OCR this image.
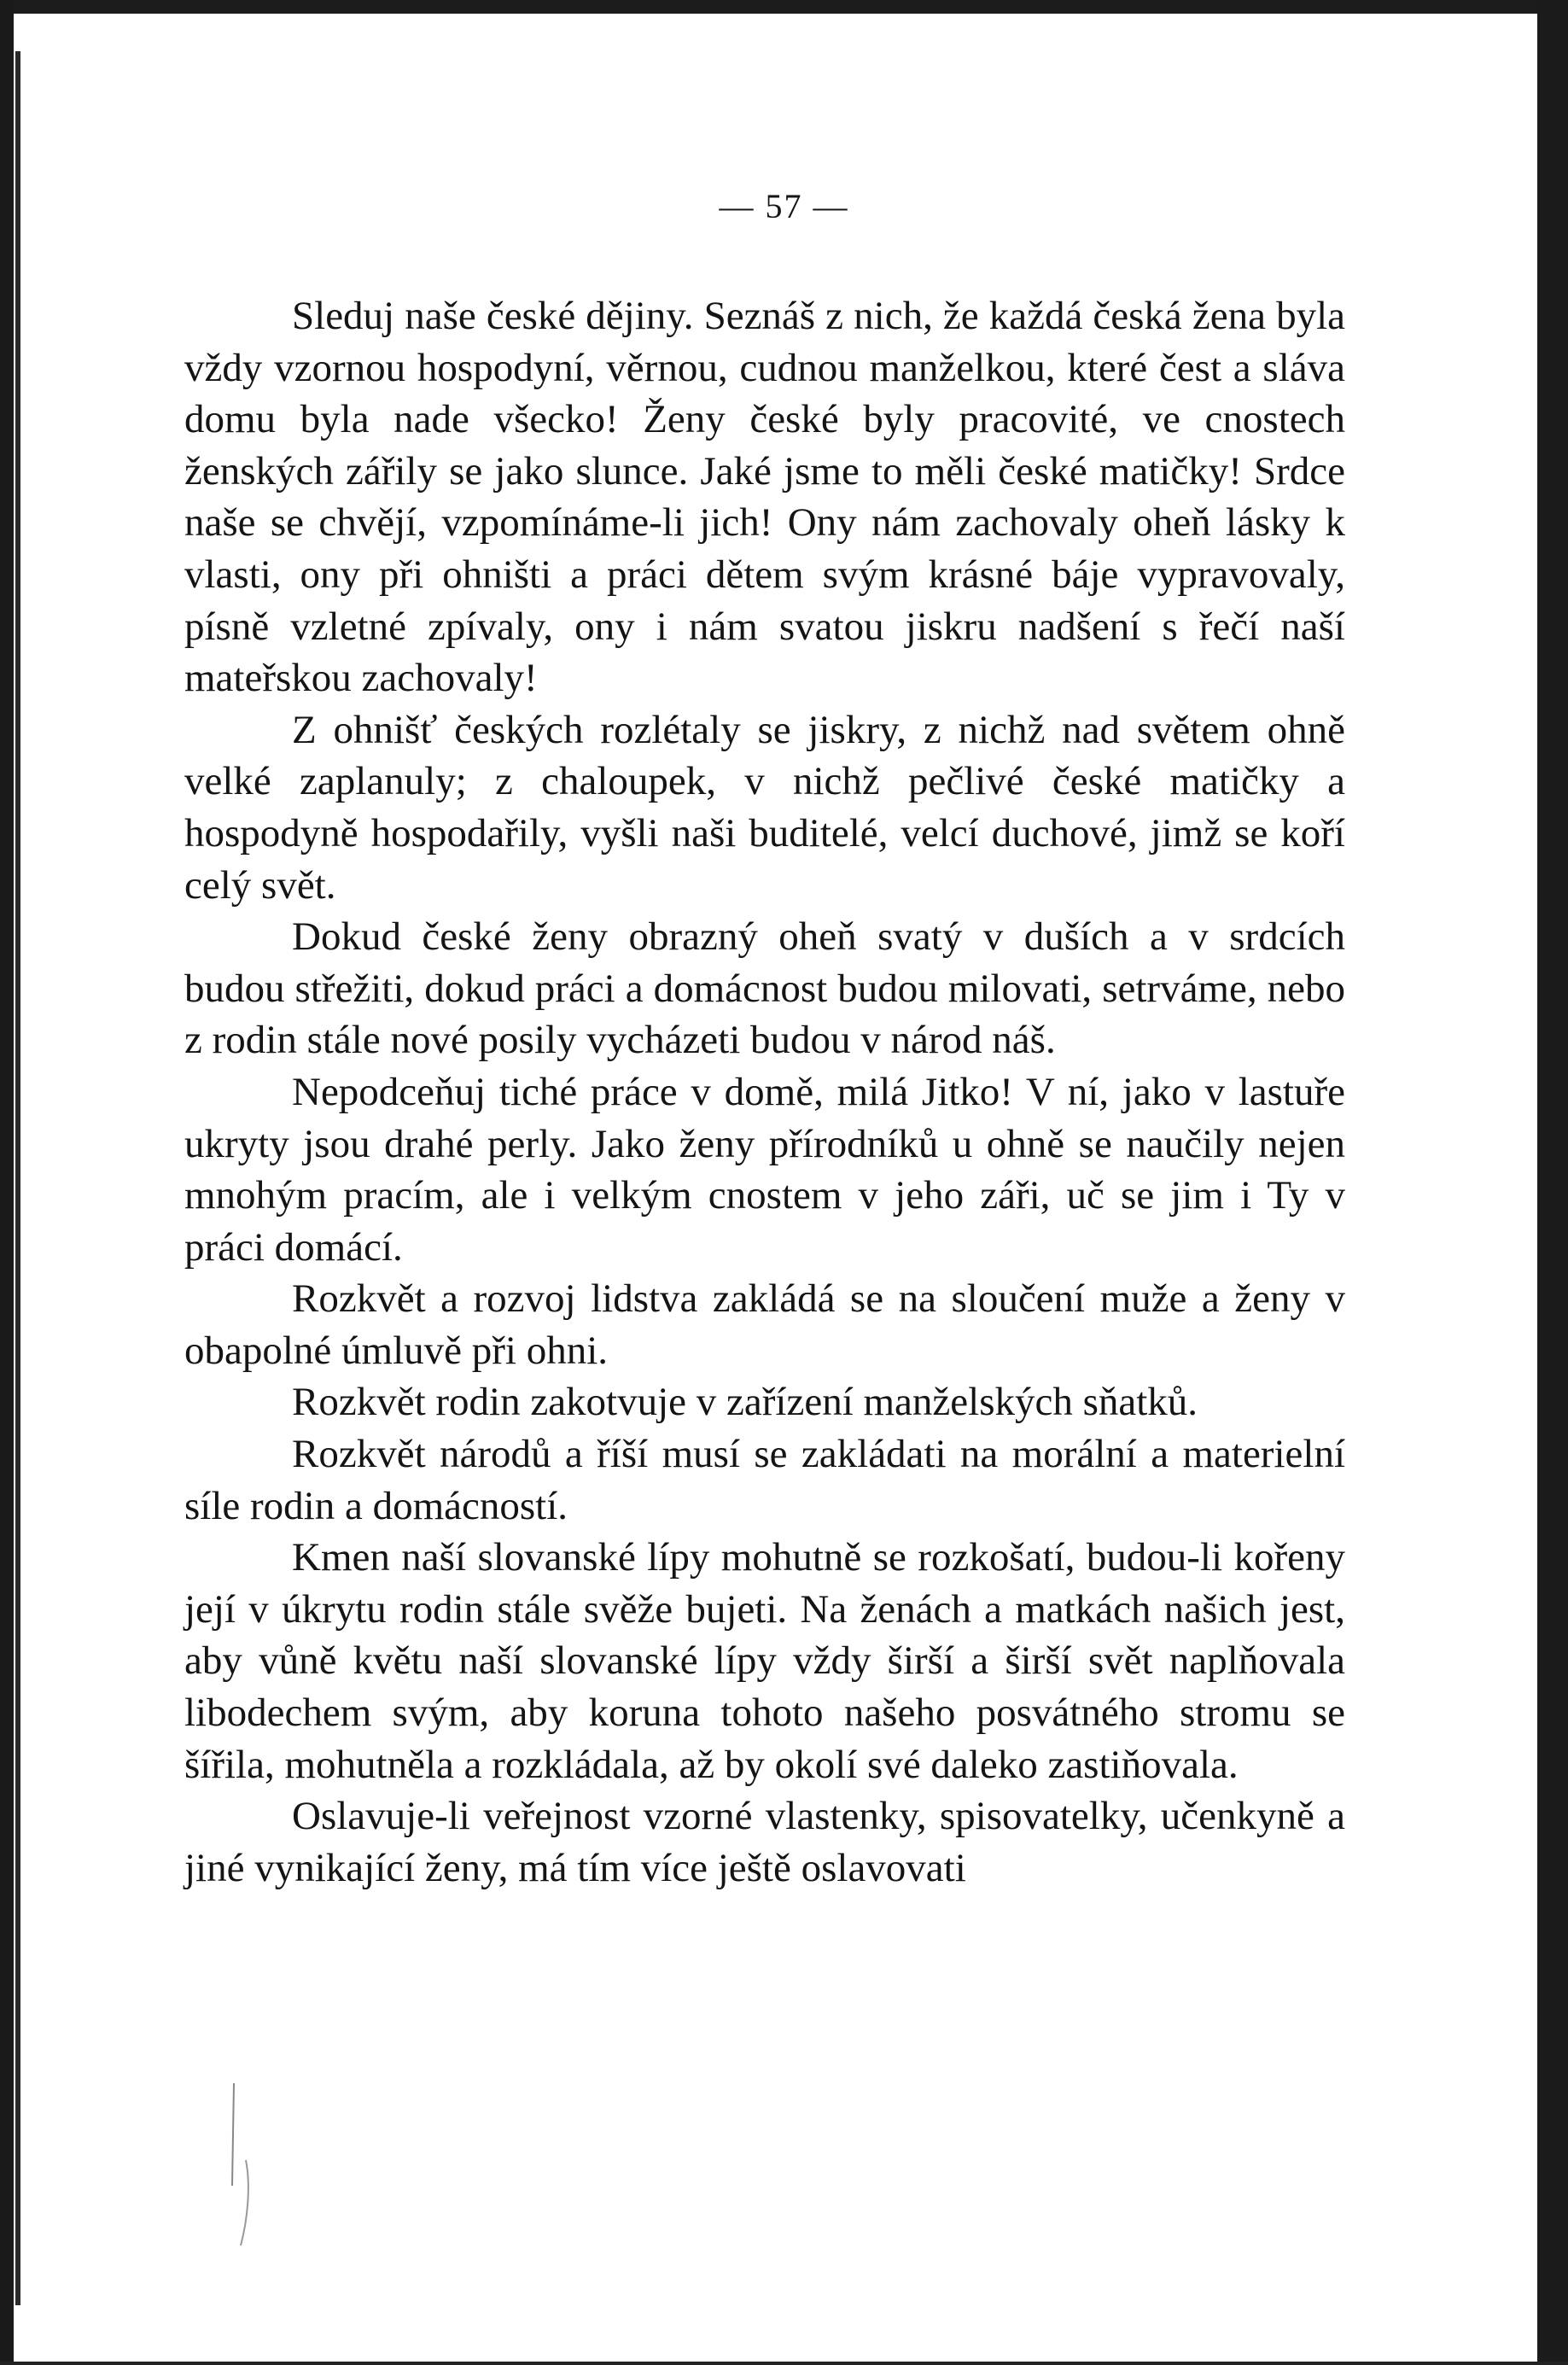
— 57 —

Sleduj naše české dějiny. Seznáš z nich, že každá česká žena byla vždy vzornou hospodyní, věrnou, cudnou manželkou, které čest a sláva domu byla nade všecko! Ženy české byly pracovité, ve cnostech ženských zářily se jako slunce. Jaké jsme to měli české matičky! Srdce naše se chvějí, vzpomínáme-li jich! Ony nám zachovaly oheň lásky k vlasti, ony při ohništi a práci dětem svým krásné báje vypravovaly, písně vzletné zpívaly, ony i nám svatou jiskru nadšení s řečí naší mateřskou zachovaly!

Z ohnišť českých rozlétaly se jiskry, z nichž nad světem ohně velké zaplanuly; z chaloupek, v nichž pečlivé české matičky a hospodyně hospodařily, vyšli naši buditelé, velcí duchové, jimž se koří celý svět.

Dokud české ženy obrazný oheň svatý v duších a v srdcích budou střežiti, dokud práci a domácnost budou milovati, setrváme, nebo z rodin stále nové posily vycházeti budou v národ náš.

Nepodceňuj tiché práce v domě, milá Jitko! V ní, jako v lastuře ukryty jsou drahé perly. Jako ženy přírodníků u ohně se naučily nejen mnohým pracím, ale i velkým cnostem v jeho záři, uč se jim i Ty v práci domácí.

Rozkvět a rozvoj lidstva zakládá se na sloučení muže a ženy v obapolné úmluvě při ohni.

Rozkvět rodin zakotvuje v zařízení manželských sňatků.

Rozkvět národů a říší musí se zakládati na morální a materielní síle rodin a domácností.

Kmen naší slovanské lípy mohutně se rozkošatí, budou-li kořeny její v úkrytu rodin stále svěže bujeti. Na ženách a matkách našich jest, aby vůně květu naší slovanské lípy vždy širší a širší svět naplňovala libodechem svým, aby koruna tohoto našeho posvátného stromu se šířila, mohutněla a rozkládala, až by okolí své daleko zastiňovala.

Oslavuje-li veřejnost vzorné vlastenky, spisovatelky, učenkyně a jiné vynikající ženy, má tím více ještě oslavovati
